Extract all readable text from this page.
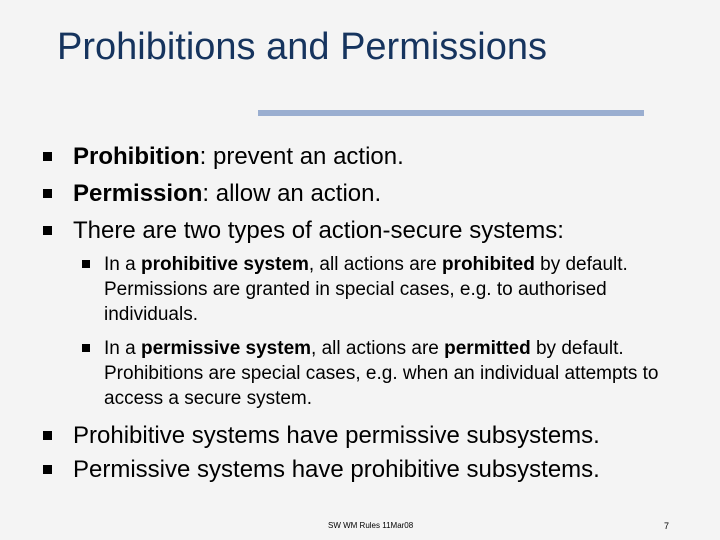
Prohibitions and Permissions
Prohibition: prevent an action.
Permission: allow an action.
There are two types of action-secure systems:
In a prohibitive system, all actions are prohibited by default. Permissions are granted in special cases, e.g. to authorised individuals.
In a permissive system, all actions are permitted by default. Prohibitions are special cases, e.g. when an individual attempts to access a secure system.
Prohibitive systems have permissive subsystems.
Permissive systems have prohibitive subsystems.
SW WM Rules 11Mar08	7
